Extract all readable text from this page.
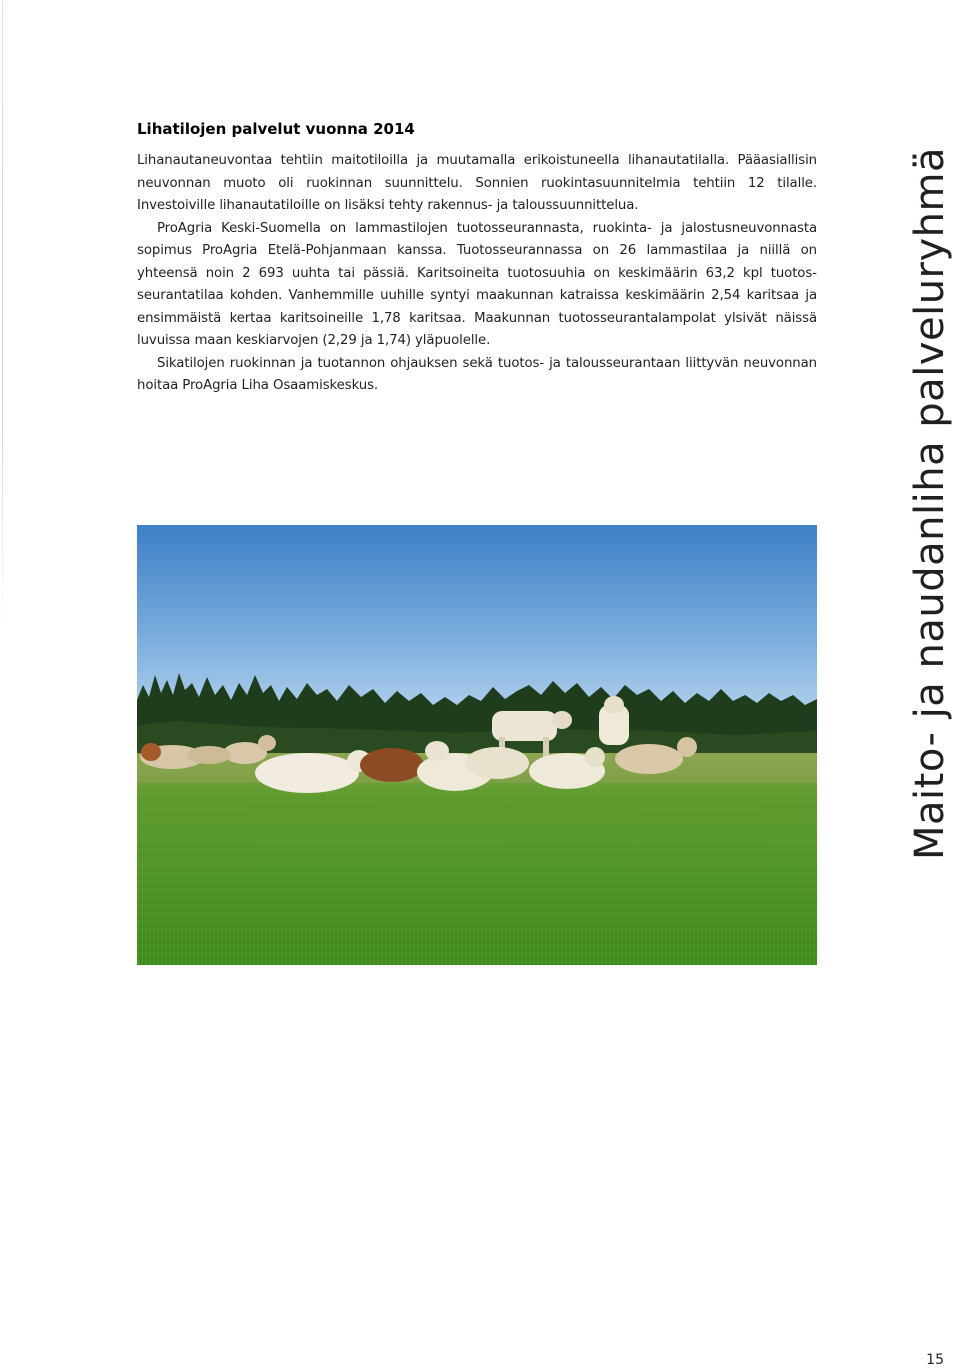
Lihatilojen palvelut vuonna 2014

Lihanautaneuvontaa tehtiin maitotiloilla ja muutamalla erikoistuneella lihanautatilalla. Pääasiallisin neuvonnan muoto oli ruokinnan suunnittelu. Sonnien ruokintasuunnitelmia tehtiin 12 tilalle. Investoiville lihanautatiloille on lisäksi tehty rakennus- ja taloussuunnittelua.

ProAgria Keski-Suomella on lammastilojen tuotosseurannasta, ruokinta- ja jalostusneuvonnasta sopimus ProAgria Etelä-Pohjanmaan kanssa. Tuotosseurannassa on 26 lammastilaa ja niillä on yhteensä noin 2 693 uuhta tai pässiä. Karitsoineita tuotosuuhia on keskimäärin 63,2 kpl tuotosseurantatilaa kohden. Vanhemmille uuhille syntyi maakunnan katraissa keskimäärin 2,54 karitsaa ja ensimmäistä kertaa karitsoineille 1,78 karitsaa. Maakunnan tuotosseurantalampolat ylsivät näissä luvuissa maan keskiarvojen (2,29 ja 1,74) yläpuolelle.

Sikatilojen ruokinnan ja tuotannon ohjauksen sekä tuotos- ja talousseurantaan liittyvän neuvonnan hoitaa ProAgria Liha Osaamiskeskus.	Maito- ja naudanliha palveluryhmä
15
